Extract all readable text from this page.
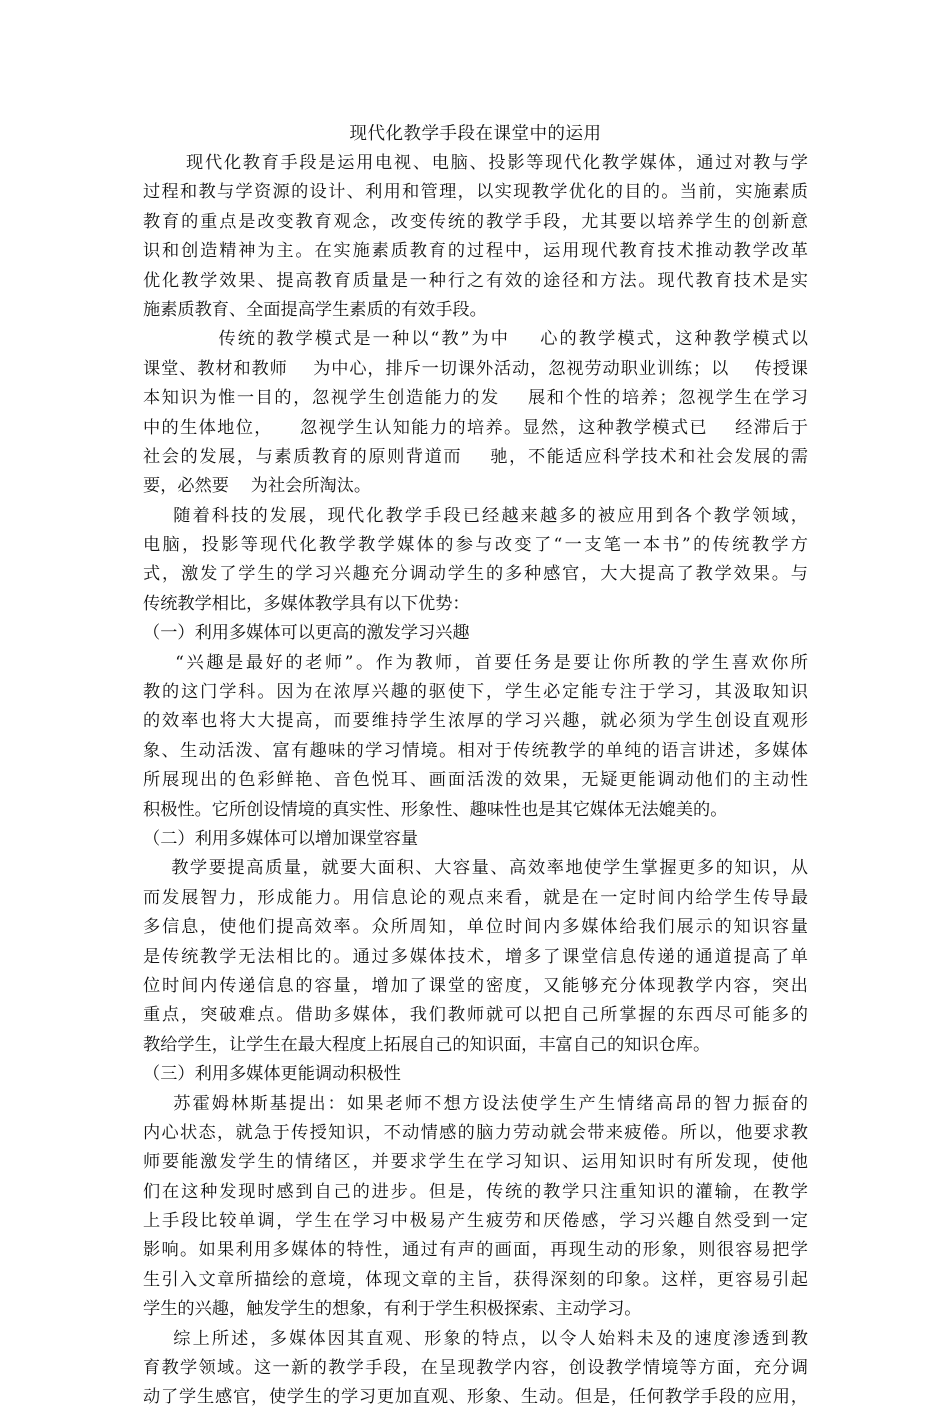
现代化教学手段在课堂中的运用
现代化教育手段是运用电视、电脑、投影等现代化教学媒体，通过对教与学
过程和教与学资源的设计、利用和管理，以实现教学优化的目的。当前，实施素质
教育的重点是改变教育观念，改变传统的教学手段，尤其要以培养学生的创新意
识和创造精神为主。在实施素质教育的过程中，运用现代教育技术推动教学改革
优化教学效果、提高教育质量是一种行之有效的途径和方法。现代教育技术是实
施素质教育、全面提高学生素质的有效手段。
传统的教学模式是一种以“教”为中    心的教学模式，这种教学模式以
课堂、教材和教师    为中心，排斥一切课外活动，忽视劳动职业训练；以    传授课
本知识为惟一目的，忽视学生创造能力的发    展和个性的培养；忽视学生在学习
中的生体地位，    忽视学生认知能力的培养。显然，这种教学模式已    经滞后于
社会的发展，与素质教育的原则背道而    驰，不能适应科学技术和社会发展的需
要，必然要    为社会所淘汰。
随着科技的发展，现代化教学手段已经越来越多的被应用到各个教学领域，
电脑，投影等现代化教学教学媒体的参与改变了“一支笔一本书”的传统教学方
式，激发了学生的学习兴趣充分调动学生的多种感官，大大提高了教学效果。与
传统教学相比，多媒体教学具有以下优势：
（一）利用多媒体可以更高的激发学习兴趣
“兴趣是最好的老师”。作为教师，首要任务是要让你所教的学生喜欢你所
教的这门学科。因为在浓厚兴趣的驱使下，学生必定能专注于学习，其汲取知识
的效率也将大大提高，而要维持学生浓厚的学习兴趣，就必须为学生创设直观形
象、生动活泼、富有趣味的学习情境。相对于传统教学的单纯的语言讲述，多媒体
所展现出的色彩鲜艳、音色悦耳、画面活泼的效果，无疑更能调动他们的主动性
积极性。它所创设情境的真实性、形象性、趣味性也是其它媒体无法媲美的。
（二）利用多媒体可以增加课堂容量
教学要提高质量，就要大面积、大容量、高效率地使学生掌握更多的知识，从
而发展智力，形成能力。用信息论的观点来看，就是在一定时间内给学生传导最
多信息，使他们提高效率。众所周知，单位时间内多媒体给我们展示的知识容量
是传统教学无法相比的。通过多媒体技术，增多了课堂信息传递的通道提高了单
位时间内传递信息的容量，增加了课堂的密度，又能够充分体现教学内容，突出
重点，突破难点。借助多媒体，我们教师就可以把自己所掌握的东西尽可能多的
教给学生，让学生在最大程度上拓展自己的知识面，丰富自己的知识仓库。
（三）利用多媒体更能调动积极性
苏霍姆林斯基提出：如果老师不想方设法使学生产生情绪高昂的智力振奋的
内心状态，就急于传授知识，不动情感的脑力劳动就会带来疲倦。所以，他要求教
师要能激发学生的情绪区，并要求学生在学习知识、运用知识时有所发现，使他
们在这种发现时感到自己的进步。但是，传统的教学只注重知识的灌输，在教学
上手段比较单调，学生在学习中极易产生疲劳和厌倦感，学习兴趣自然受到一定
影响。如果利用多媒体的特性，通过有声的画面，再现生动的形象，则很容易把学
生引入文章所描绘的意境，体现文章的主旨，获得深刻的印象。这样，更容易引起
学生的兴趣，触发学生的想象，有利于学生积极探索、主动学习。
综上所述，多媒体因其直观、形象的特点，以令人始料未及的速度渗透到教
育教学领域。这一新的教学手段，在呈现教学内容，创设教学情境等方面，充分调
动了学生感官，使学生的学习更加直观、形象、生动。但是，任何教学手段的应用，
